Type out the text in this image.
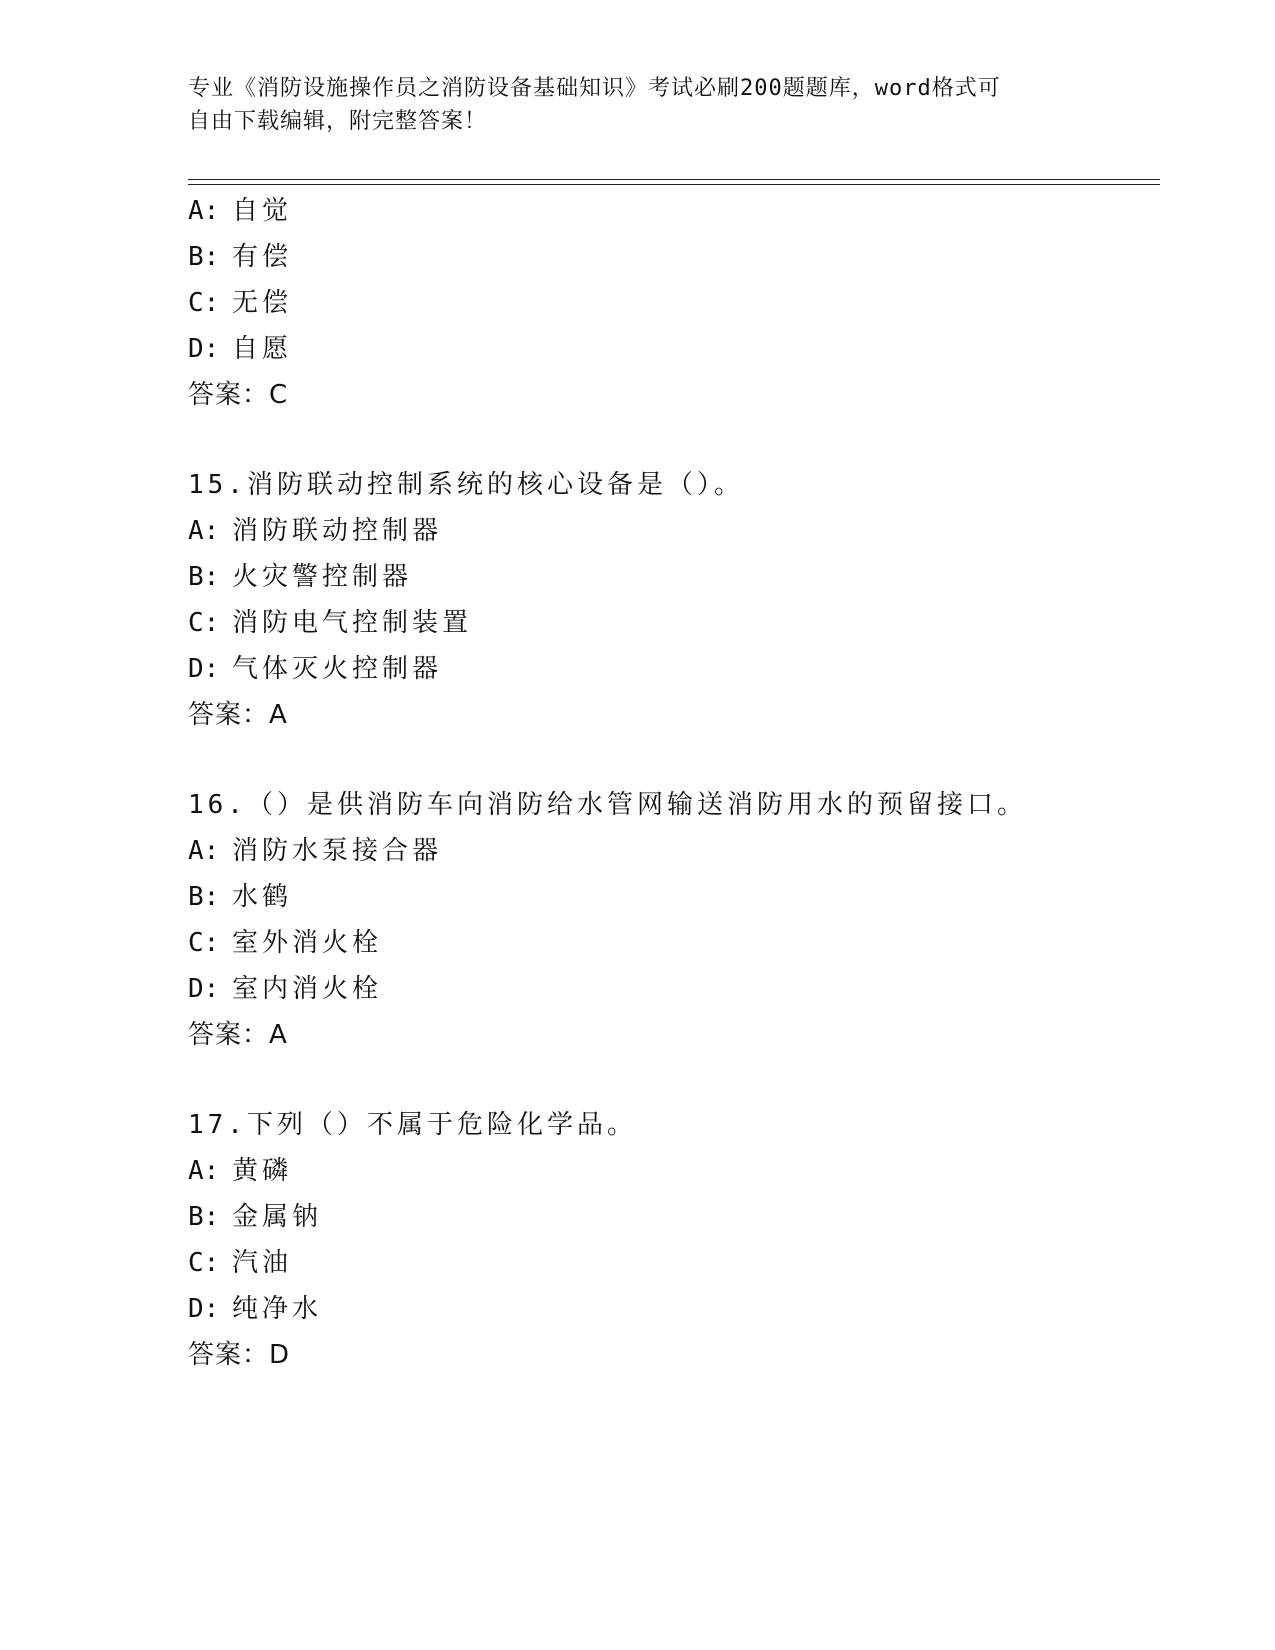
专业《消防设施操作员之消防设备基础知识》考试必刷200题题库，word格式可
自由下载编辑，附完整答案！
A: 自觉
B: 有偿
C: 无偿
D: 自愿
答案：C
15.消防联动控制系统的核心设备是（）。
A: 消防联动控制器
B: 火灾警控制器
C: 消防电气控制装置
D: 气体灭火控制器
答案：A
16.（）是供消防车向消防给水管网输送消防用水的预留接口。
A: 消防水泵接合器
B: 水鹤
C: 室外消火栓
D: 室内消火栓
答案：A
17.下列（）不属于危险化学品。
A: 黄磷
B: 金属钠
C: 汽油
D: 纯净水
答案：D
